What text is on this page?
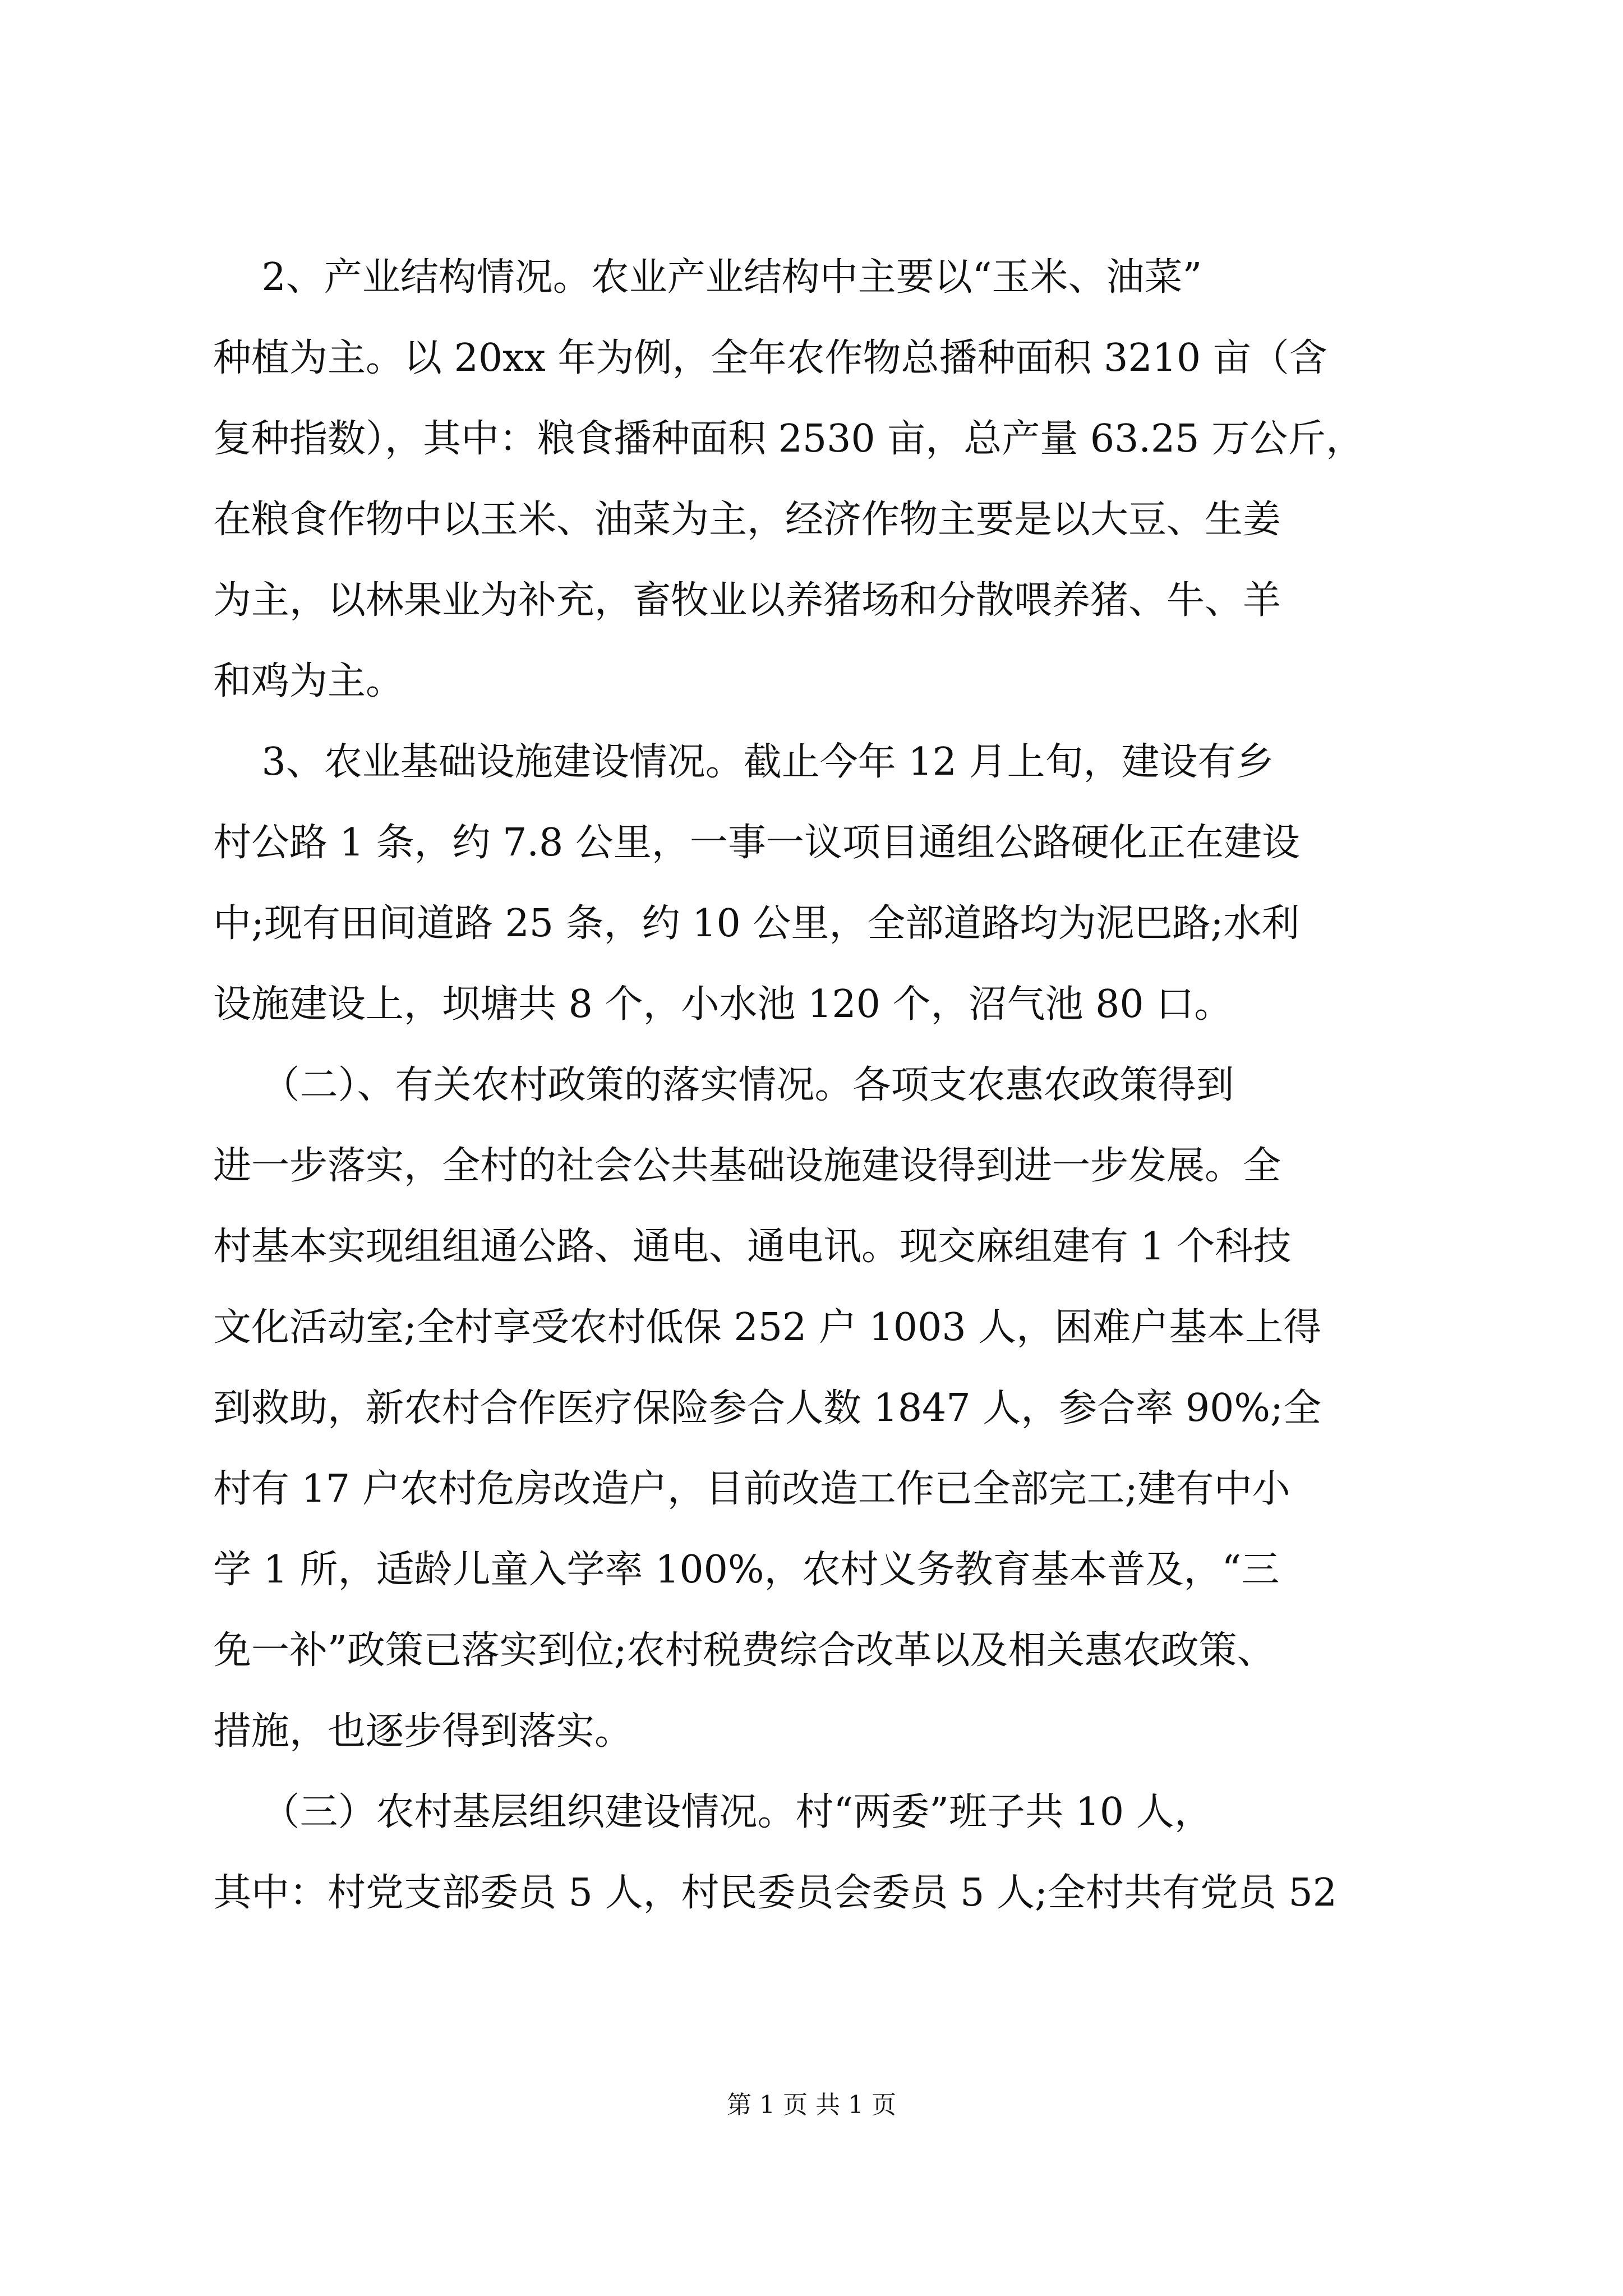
2、产业结构情况。农业产业结构中主要以“玉米、油菜”
种植为主。以 20xx 年为例，全年农作物总播种面积 3210 亩（含
复种指数），其中：粮食播种面积 2530 亩，总产量 63.25 万公斤，
在粮食作物中以玉米、油菜为主，经济作物主要是以大豆、生姜
为主，以林果业为补充，畜牧业以养猪场和分散喂养猪、牛、羊
和鸡为主。
3、农业基础设施建设情况。截止今年 12 月上旬，建设有乡
村公路 1 条，约 7.8 公里，一事一议项目通组公路硬化正在建设
中;现有田间道路 25 条，约 10 公里，全部道路均为泥巴路;水利
设施建设上，坝塘共 8 个，小水池 120 个，沼气池 80 口。
（二）、有关农村政策的落实情况。各项支农惠农政策得到
进一步落实，全村的社会公共基础设施建设得到进一步发展。全
村基本实现组组通公路、通电、通电讯。现交麻组建有 1 个科技
文化活动室;全村享受农村低保 252 户 1003 人，困难户基本上得
到救助，新农村合作医疗保险参合人数 1847 人，参合率 90%;全
村有 17 户农村危房改造户，目前改造工作已全部完工;建有中小
学 1 所，适龄儿童入学率 100%，农村义务教育基本普及，“三
免一补”政策已落实到位;农村税费综合改革以及相关惠农政策、
措施，也逐步得到落实。
（三）农村基层组织建设情况。村“两委”班子共 10 人，
其中：村党支部委员 5 人，村民委员会委员 5 人;全村共有党员 52
第 1 页 共 1 页
